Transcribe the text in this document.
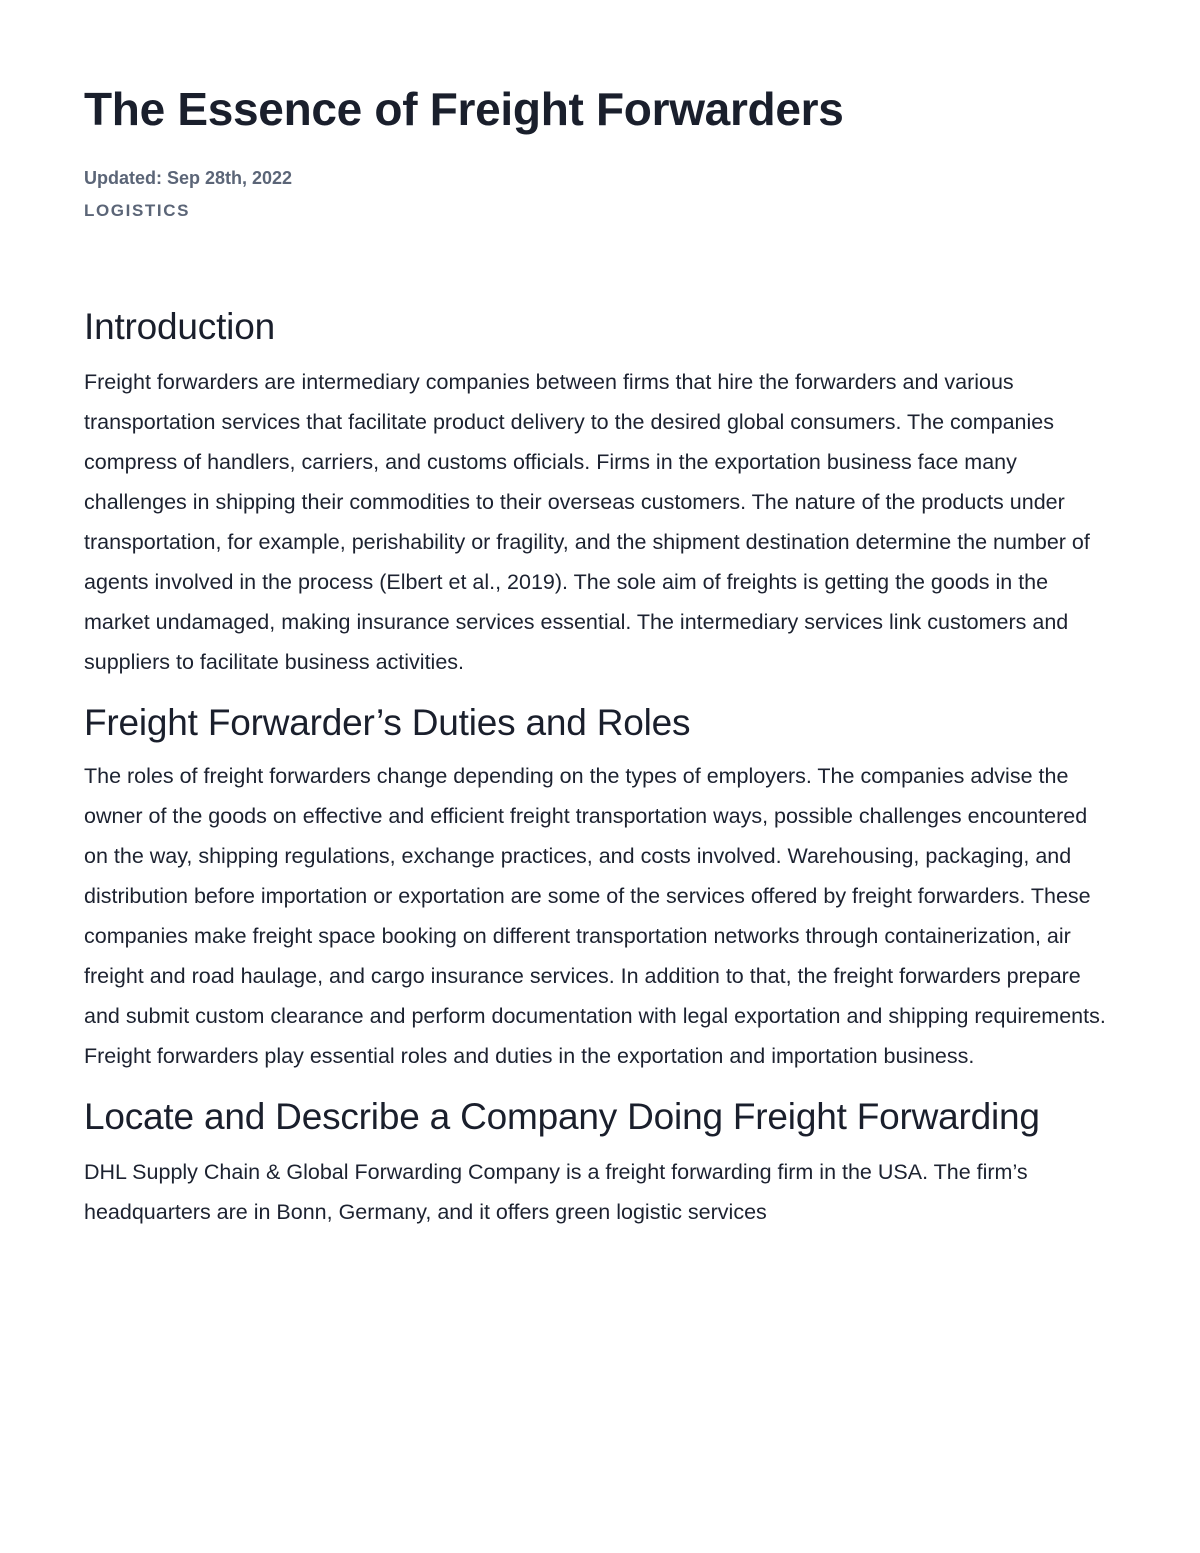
The Essence of Freight Forwarders
Updated: Sep 28th, 2022
LOGISTICS
Introduction

Freight forwarders are intermediary companies between firms that hire the forwarders and various transportation services that facilitate product delivery to the desired global consumers. The companies compress of handlers, carriers, and customs officials. Firms in the exportation business face many challenges in shipping their commodities to their overseas customers. The nature of the products under transportation, for example, perishability or fragility, and the shipment destination determine the number of agents involved in the process (Elbert et al., 2019). The sole aim of freights is getting the goods in the market undamaged, making insurance services essential. The intermediary services link customers and suppliers to facilitate business activities.

Freight Forwarder’s Duties and Roles

The roles of freight forwarders change depending on the types of employers. The companies advise the owner of the goods on effective and efficient freight transportation ways, possible challenges encountered on the way, shipping regulations, exchange practices, and costs involved. Warehousing, packaging, and distribution before importation or exportation are some of the services offered by freight forwarders. These companies make freight space booking on different transportation networks through containerization, air freight and road haulage, and cargo insurance services. In addition to that, the freight forwarders prepare and submit custom clearance and perform documentation with legal exportation and shipping requirements. Freight forwarders play essential roles and duties in the exportation and importation business.

Locate and Describe a Company Doing Freight Forwarding

DHL Supply Chain & Global Forwarding Company is a freight forwarding firm in the USA. The firm’s headquarters are in Bonn, Germany, and it offers green logistic services
